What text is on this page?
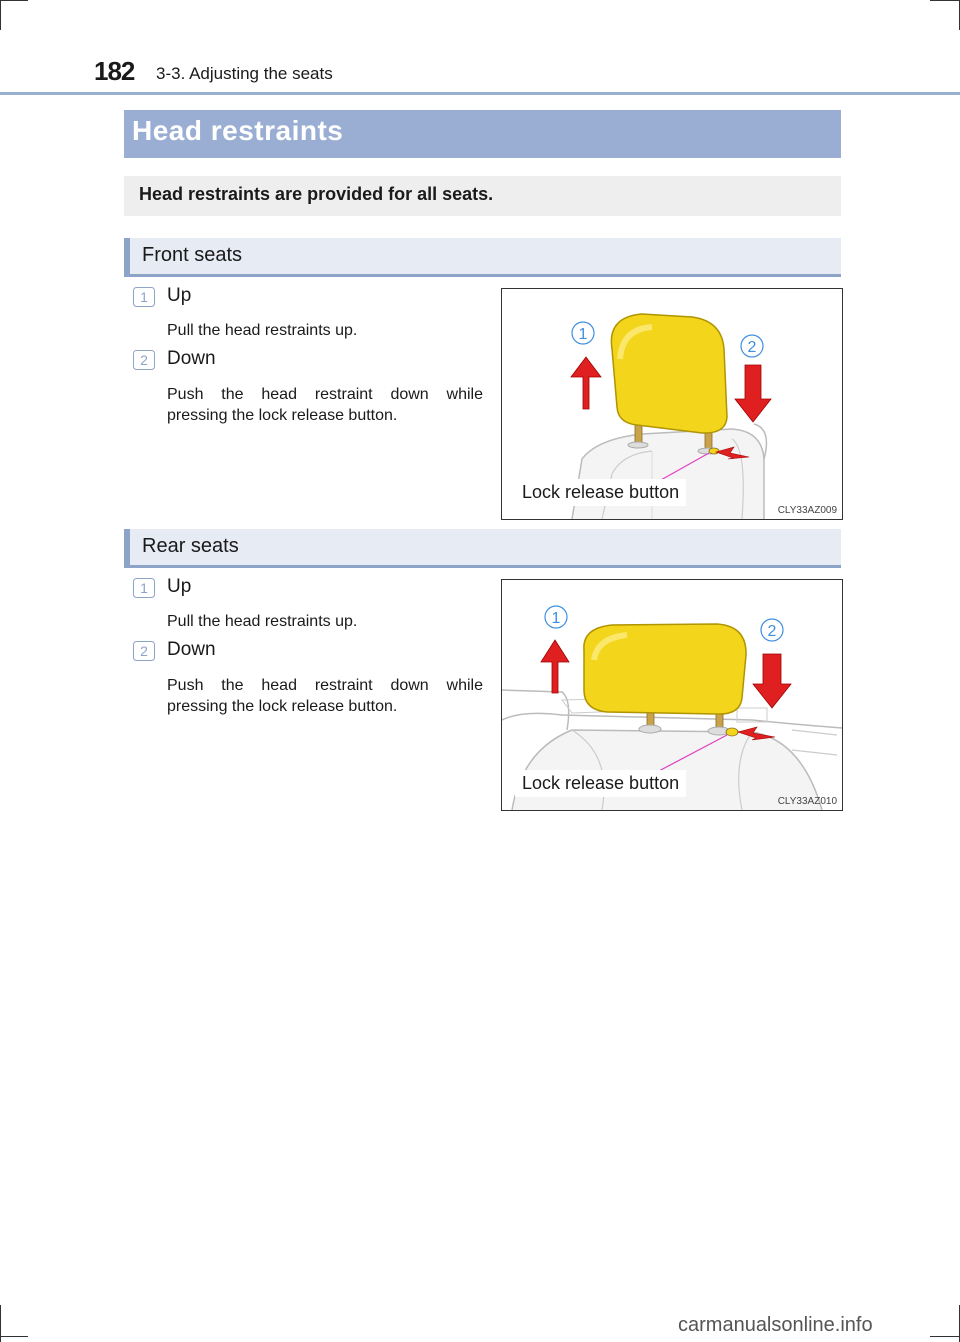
182 3-3. Adjusting the seats
Head restraints
Head restraints are provided for all seats.
Front seats
1 Up
Pull the head restraints up.
2 Down
Push the head restraint down while
pressing the lock release button.
1
2
Lock release button
CLY33AZ009
Rear seats
1 Up
Pull the head restraints up.
2 Down
Push the head restraint down while
pressing the lock release button.
1
2
Lock release button
CLY33AZ010
carmanualsonline.info
